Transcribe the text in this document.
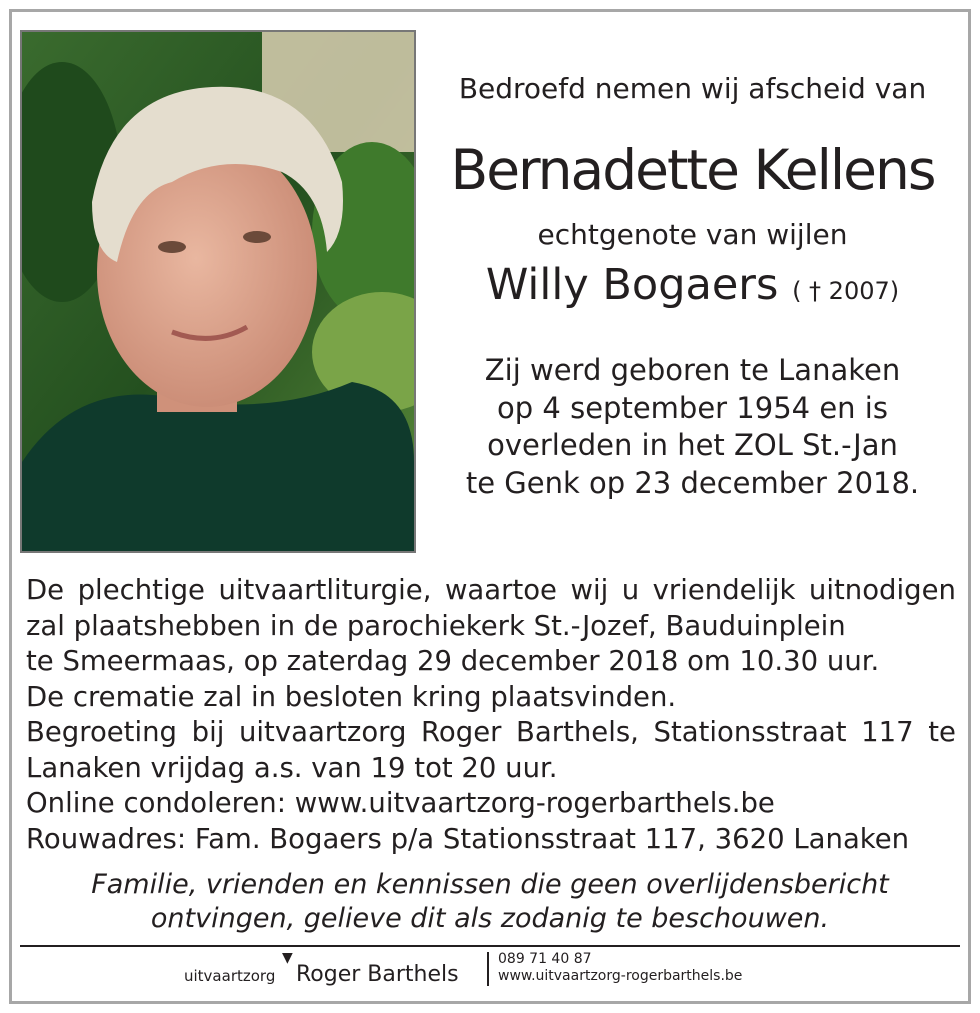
Bedroefd nemen wij afscheid van
Bernadette Kellens
echtgenote van wijlen
Willy Bogaers ( † 2007)
Zij werd geboren te Lanaken
op 4 september 1954 en is
overleden in het ZOL St.-Jan
te Genk op 23 december 2018.
De plechtige uitvaartliturgie, waartoe wij u vriendelijk uitnodigen
zal plaatshebben in de parochiekerk St.-Jozef, Bauduinplein
te Smeermaas, op zaterdag 29 december 2018 om 10.30 uur.
De crematie zal in besloten kring plaatsvinden.
Begroeting bij uitvaartzorg Roger Barthels, Stationsstraat 117 te
Lanaken vrijdag a.s. van 19 tot 20 uur.
Online condoleren: www.uitvaartzorg-rogerbarthels.be
Rouwadres: Fam. Bogaers p/a Stationsstraat 117, 3620 Lanaken
Familie, vrienden en kennissen die geen overlijdensbericht
ontvingen, gelieve dit als zodanig te beschouwen.
uitvaartzorg
▼
Roger Barthels
089 71 40 87
www.uitvaartzorg-rogerbarthels.be
